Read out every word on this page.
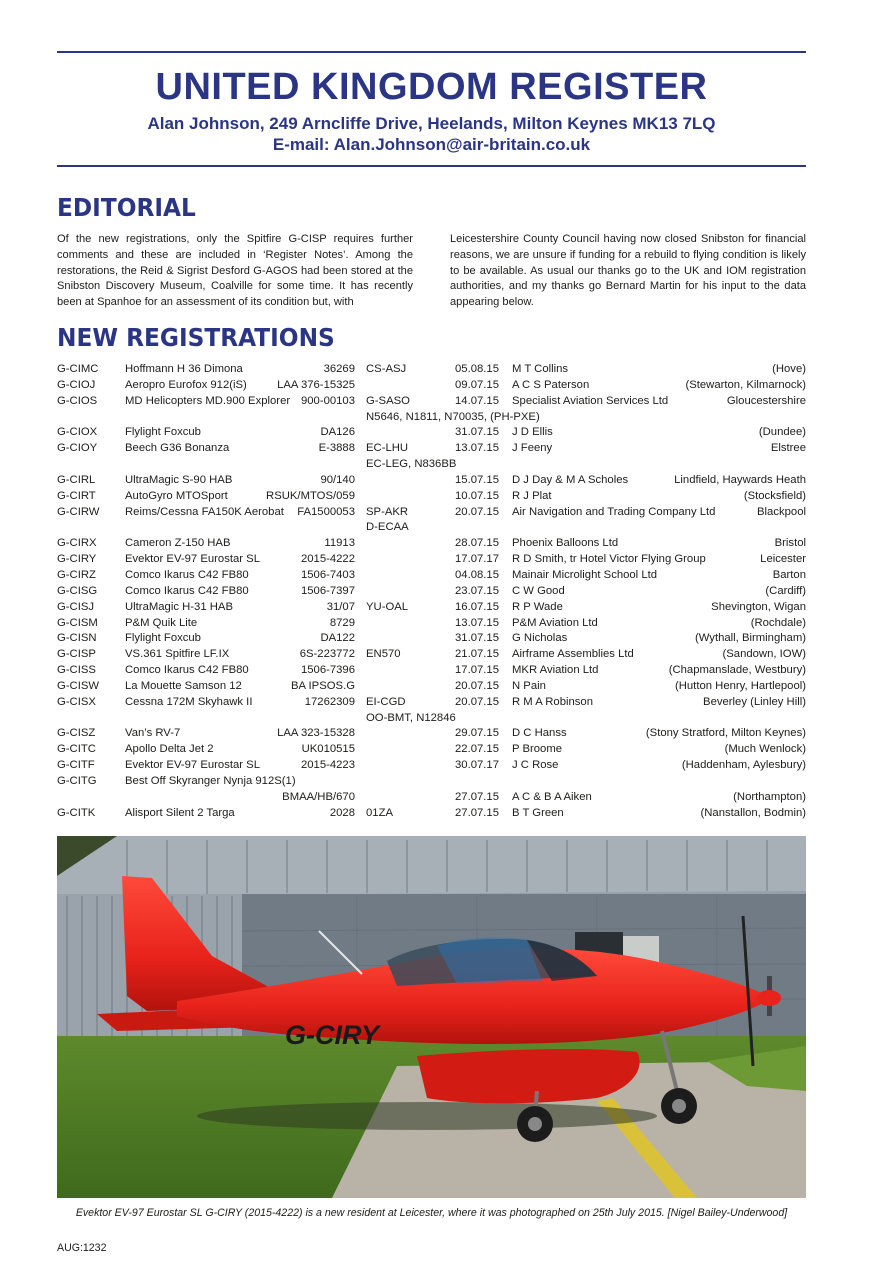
UNITED KINGDOM REGISTER
Alan Johnson, 249 Arncliffe Drive, Heelands, Milton Keynes MK13 7LQ
E-mail: Alan.Johnson@air-britain.co.uk
EDITORIAL
Of the new registrations, only the Spitfire G-CISP requires further comments and these are included in ‘Register Notes’. Among the restorations, the Reid & Sigrist Desford G-AGOS had been stored at the Snibston Discovery Museum, Coalville for some time. It has recently been at Spanhoe for an assessment of its condition but, with
Leicestershire County Council having now closed Snibston for financial reasons, we are unsure if funding for a rebuild to flying condition is likely to be available. As usual our thanks go to the UK and IOM registration authorities, and my thanks go Bernard Martin for his input to the data appearing below.
NEW REGISTRATIONS
G-CIMC Hoffmann H 36 Dimona	36269 CS-ASJ	05.08.15 M T Collins	(Hove)
G-CIOJ	Aeropro Eurofox 912(iS)	LAA 376-15325	09.07.15 A C S Paterson	(Stewarton, Kilmarnock)
G-CIOS MD Helicopters MD.900 Explorer 900-00103 G-SASO	14.07.15 Specialist Aviation Services Ltd	Gloucestershire
N5646, N1811, N70035, (PH-PXE)
G-CIOX Flylight Foxcub	DA126	31.07.15 J D Ellis	(Dundee)
G-CIOY Beech G36 Bonanza	E-3888 EC-LHU	13.07.15 J Feeny	Elstree
EC-LEG, N836BB
G-CIRL	UltraMagic S-90 HAB	90/140	15.07.15 D J Day & M A Scholes	Lindfield, Haywards Heath
G-CIRT	AutoGyro MTOSport	RSUK/MTOS/059	10.07.15 R J Plat	(Stocksfield)
G-CIRW Reims/Cessna FA150K Aerobat FA1500053 SP-AKR	20.07.15 Air Navigation and Trading Company Ltd	Blackpool
D-ECAA
G-CIRX	Cameron Z-150 HAB	11913	28.07.15 Phoenix Balloons Ltd	Bristol
G-CIRY	Evektor EV-97 Eurostar SL	2015-4222	17.07.17 R D Smith, tr Hotel Victor Flying Group	Leicester
G-CIRZ	Comco Ikarus C42 FB80	1506-7403	04.08.15 Mainair Microlight School Ltd	Barton
G-CISG Comco Ikarus C42 FB80	1506-7397	23.07.15 C W Good	(Cardiff)
G-CISJ	UltraMagic H-31 HAB	31/07 YU-OAL	16.07.15 R P Wade	Shevington, Wigan
G-CISM P&M Quik Lite	8729	13.07.15 P&M Aviation Ltd	(Rochdale)
G-CISN	Flylight Foxcub	DA122	31.07.15 G Nicholas	(Wythall, Birmingham)
G-CISP	VS.361 Spitfire LF.IX	6S-223772 EN570	21.07.15 Airframe Assemblies Ltd	(Sandown, IOW)
G-CISS	Comco Ikarus C42 FB80	1506-7396	17.07.15 MKR Aviation Ltd	(Chapmanslade, Westbury)
G-CISW La Mouette Samson 12	BA IPSOS.G	20.07.15 N Pain	(Hutton Henry, Hartlepool)
G-CISX	Cessna 172M Skyhawk II	17262309 EI-CGD	20.07.15 R M A Robinson	Beverley (Linley Hill)
OO-BMT, N12846
G-CISZ	Van’s RV-7	LAA 323-15328	29.07.15 D C Hanss	(Stony Stratford, Milton Keynes)
G-CITC	Apollo Delta Jet 2	UK010515	22.07.15 P Broome	(Much Wenlock)
G-CITF	Evektor EV-97 Eurostar SL	2015-4223	30.07.17 J C Rose	(Haddenham, Aylesbury)
G-CITG	Best Off Skyranger Nynja 912S(1)
BMAA/HB/670	27.07.15 A C & B A Aiken	(Northampton)
G-CITK	Alisport Silent 2 Targa	2028 01ZA	27.07.15 B T Green	(Nanstallon, Bodmin)
G-CIRY
Evektor EV-97 Eurostar SL G-CIRY (2015-4222) is a new resident at Leicester, where it was photographed on 25th July 2015. [Nigel Bailey-Underwood]
AUG:1232
